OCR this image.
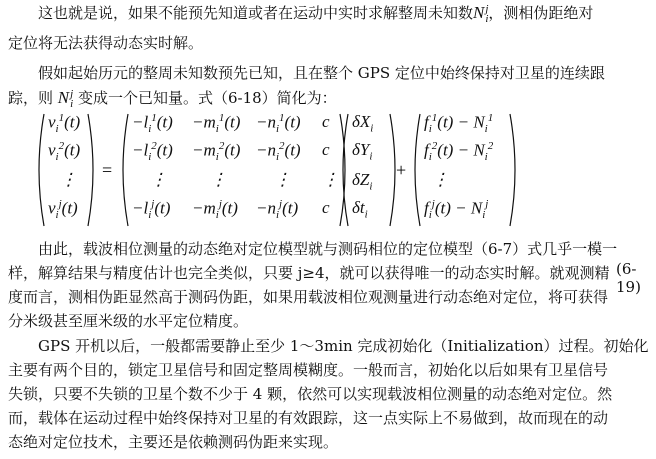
这也就是说，如果不能预先知道或者在运动中实时求解整周未知数N j
i ，测相伪距绝对
定位将无法获得动态实时解。
假如起始历元的整周未知数预先已知，且在整个 GPS 定位中始终保持对卫星的连续跟
踪，则 N j
i 变成一个已知量。式（6-18）简化为：
=	+
$v_i^1(t)$
$v_i^2(t)$
⋮
$v_i^j(t)$
$-l_i^1(t) -m_i^1(t) -n_i^1(t)$ c
$-l_i^2(t) -m_i^2(t) -n_i^2(t)$ c
⋮	⋮	⋮ ⋮
$-l_i^j(t) -m_i^j(t) -n_i^j(t)$ c
$\delta X_i$
$\delta Y_i$
$\delta Z_i$
$\delta t_i$
$f_i^1(t) - N_i^1$
$f_i^2(t) - N_i^2$
⋮
$f_i^j(t) - N_i^j$
(6-19)
由此，载波相位测量的动态绝对定位模型就与测码相位的定位模型（6-7）式几乎一模一
样，解算结果与精度估计也完全类似，只要 j≥4，就可以获得唯一的动态实时解。就观测精
度而言，测相伪距显然高于测码伪距，如果用载波相位观测量进行动态绝对定位，将可获得
分米级甚至厘米级的水平定位精度。
GPS 开机以后，一般都需要静止至少 1～3min 完成初始化（Initialization）过程。初始化
主要有两个目的，锁定卫星信号和固定整周模糊度。一般而言，初始化以后如果有卫星信号
失锁，只要不失锁的卫星个数不少于 4 颗，依然可以实现载波相位测量的动态绝对定位。然
而，载体在运动过程中始终保持对卫星的有效跟踪，这一点实际上不易做到，故而现在的动
态绝对定位技术，主要还是依赖测码伪距来实现。
